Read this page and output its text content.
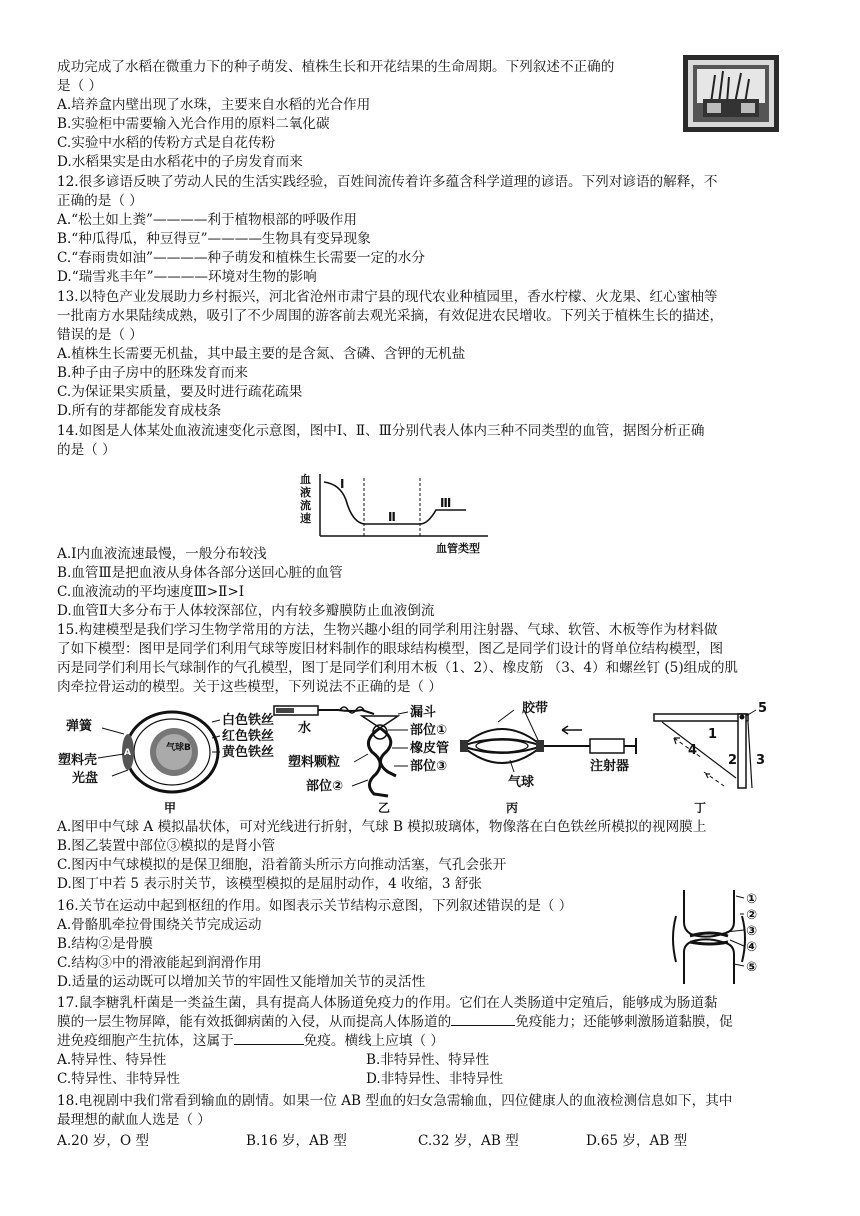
成功完成了水稻在微重力下的种子萌发、植株生长和开花结果的生命周期。下列叙述不正确的
是（ ）
A.培养盒内壁出现了水珠，主要来自水稻的光合作用
B.实验柜中需要输入光合作用的原料二氧化碳
C.实验中水稻的传粉方式是自花传粉
D.水稻果实是由水稻花中的子房发育而来
12.很多谚语反映了劳动人民的生活实践经验，百姓间流传着许多蕴含科学道理的谚语。下列对谚语的解释，不
正确的是（ ）
A.“松土如上粪”————利于植物根部的呼吸作用
B.“种瓜得瓜，种豆得豆”————生物具有变异现象
C.“春雨贵如油”————种子萌发和植株生长需要一定的水分
D.“瑞雪兆丰年”————环境对生物的影响
13.以特色产业发展助力乡村振兴，河北省沧州市肃宁县的现代农业种植园里，香水柠檬、火龙果、红心蜜柚等
一批南方水果陆续成熟，吸引了不少周围的游客前去观光采摘，有效促进农民增收。下列关于植株生长的描述，
错误的是（ ）
A.植株生长需要无机盐，其中最主要的是含氮、含磷、含钾的无机盐
B.种子由子房中的胚珠发育而来
C.为保证果实质量，要及时进行疏花疏果
D.所有的芽都能发育成枝条
14.如图是人体某处血液流速变化示意图，图中Ⅰ、Ⅱ、Ⅲ分别代表人体内三种不同类型的血管，据图分析正确
的是（ ）
血
液
流
速
Ⅰ
Ⅱ
Ⅲ
血管类型
A.Ⅰ内血液流速最慢，一般分布较浅
B.血管Ⅲ是把血液从身体各部分送回心脏的血管
C.血液流动的平均速度Ⅲ>Ⅱ>Ⅰ
D.血管Ⅱ大多分布于人体较深部位，内有较多瓣膜防止血液倒流
15.构建模型是我们学习生物学常用的方法，生物兴趣小组的同学利用注射器、气球、软管、木板等作为材料做
了如下模型：图甲是同学们利用气球等废旧材料制作的眼球结构模型，图乙是同学们设计的肾单位结构模型，图
丙是同学们利用长气球制作的气孔模型，图丁是同学们利用木板（1、2）、橡皮筋 （3、4）和螺丝钉 (5)组成的肌
肉牵拉骨运动的模型。关于这些模型，下列说法不正确的是（ ）
气球B
A
弹簧
塑料壳
光盘
白色铁丝
红色铁丝
黄色铁丝
甲
水
漏斗
部位①
塑料颗粒
橡皮管
部位③
部位②
乙
胶带
气球
注射器
丙
5
1
4
2 3
丁
A.图甲中气球 A 模拟晶状体，可对光线进行折射，气球 B 模拟玻璃体，物像落在白色铁丝所模拟的视网膜上
B.图乙装置中部位③模拟的是肾小管
C.图丙中气球模拟的是保卫细胞，沿着箭头所示方向推动活塞，气孔会张开
D.图丁中若 5 表示肘关节，该模型模拟的是屈肘动作，4 收缩，3 舒张
16.关节在运动中起到枢纽的作用。如图表示关节结构示意图，下列叙述错误的是（ ）
A.骨骼肌牵拉骨围绕关节完成运动
B.结构②是骨膜
C.结构③中的滑液能起到润滑作用
D.适量的运动既可以增加关节的牢固性又能增加关节的灵活性
①
②
③
④
⑤
17.鼠李糖乳杆菌是一类益生菌，具有提高人体肠道免疫力的作用。它们在人类肠道中定殖后，能够成为肠道黏
膜的一层生物屏障，能有效抵御病菌的入侵，从而提高人体肠道的	免疫能力；还能够刺激肠道黏膜，促
进免疫细胞产生抗体，这属于	免疫。横线上应填（ ）
A.特异性、特异性	B.非特异性、特异性
C.特异性、非特异性	D.非特异性、非特异性
18.电视剧中我们常看到输血的剧情。如果一位 AB 型血的妇女急需输血，四位健康人的血液检测信息如下，其中
最理想的献血人选是（ ）
A.20 岁，O 型	B.16 岁，AB 型	C.32 岁，AB 型	D.65 岁，AB 型
